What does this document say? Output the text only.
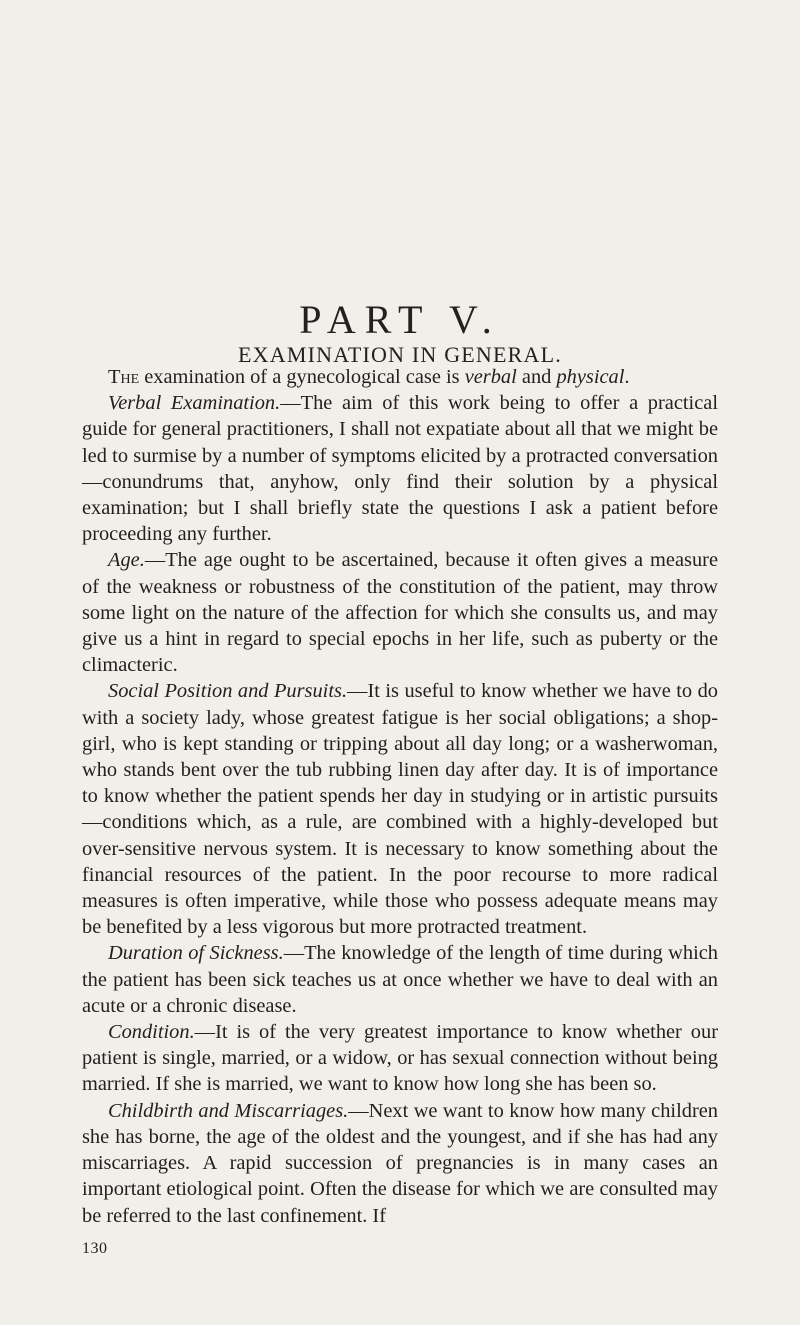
PART V.
EXAMINATION IN GENERAL.

The examination of a gynecological case is verbal and physical.

Verbal Examination.—The aim of this work being to offer a practical guide for general practitioners, I shall not expatiate about all that we might be led to surmise by a number of symptoms elicited by a protracted conversation—conundrums that, anyhow, only find their solution by a physical examination; but I shall briefly state the questions I ask a patient before proceeding any further.

Age.—The age ought to be ascertained, because it often gives a measure of the weakness or robustness of the constitution of the patient, may throw some light on the nature of the affection for which she consults us, and may give us a hint in regard to special epochs in her life, such as puberty or the climacteric.

Social Position and Pursuits.—It is useful to know whether we have to do with a society lady, whose greatest fatigue is her social obligations; a shop-girl, who is kept standing or tripping about all day long; or a washerwoman, who stands bent over the tub rubbing linen day after day. It is of importance to know whether the patient spends her day in studying or in artistic pursuits—conditions which, as a rule, are combined with a highly-developed but over-sensitive nervous system. It is necessary to know something about the financial resources of the patient. In the poor recourse to more radical measures is often imperative, while those who possess adequate means may be benefited by a less vigorous but more protracted treatment.

Duration of Sickness.—The knowledge of the length of time during which the patient has been sick teaches us at once whether we have to deal with an acute or a chronic disease.

Condition.—It is of the very greatest importance to know whether our patient is single, married, or a widow, or has sexual connection without being married. If she is married, we want to know how long she has been so.

Childbirth and Miscarriages.—Next we want to know how many children she has borne, the age of the oldest and the youngest, and if she has had any miscarriages. A rapid succession of pregnancies is in many cases an important etiological point. Often the disease for which we are consulted may be referred to the last confinement. If

130
